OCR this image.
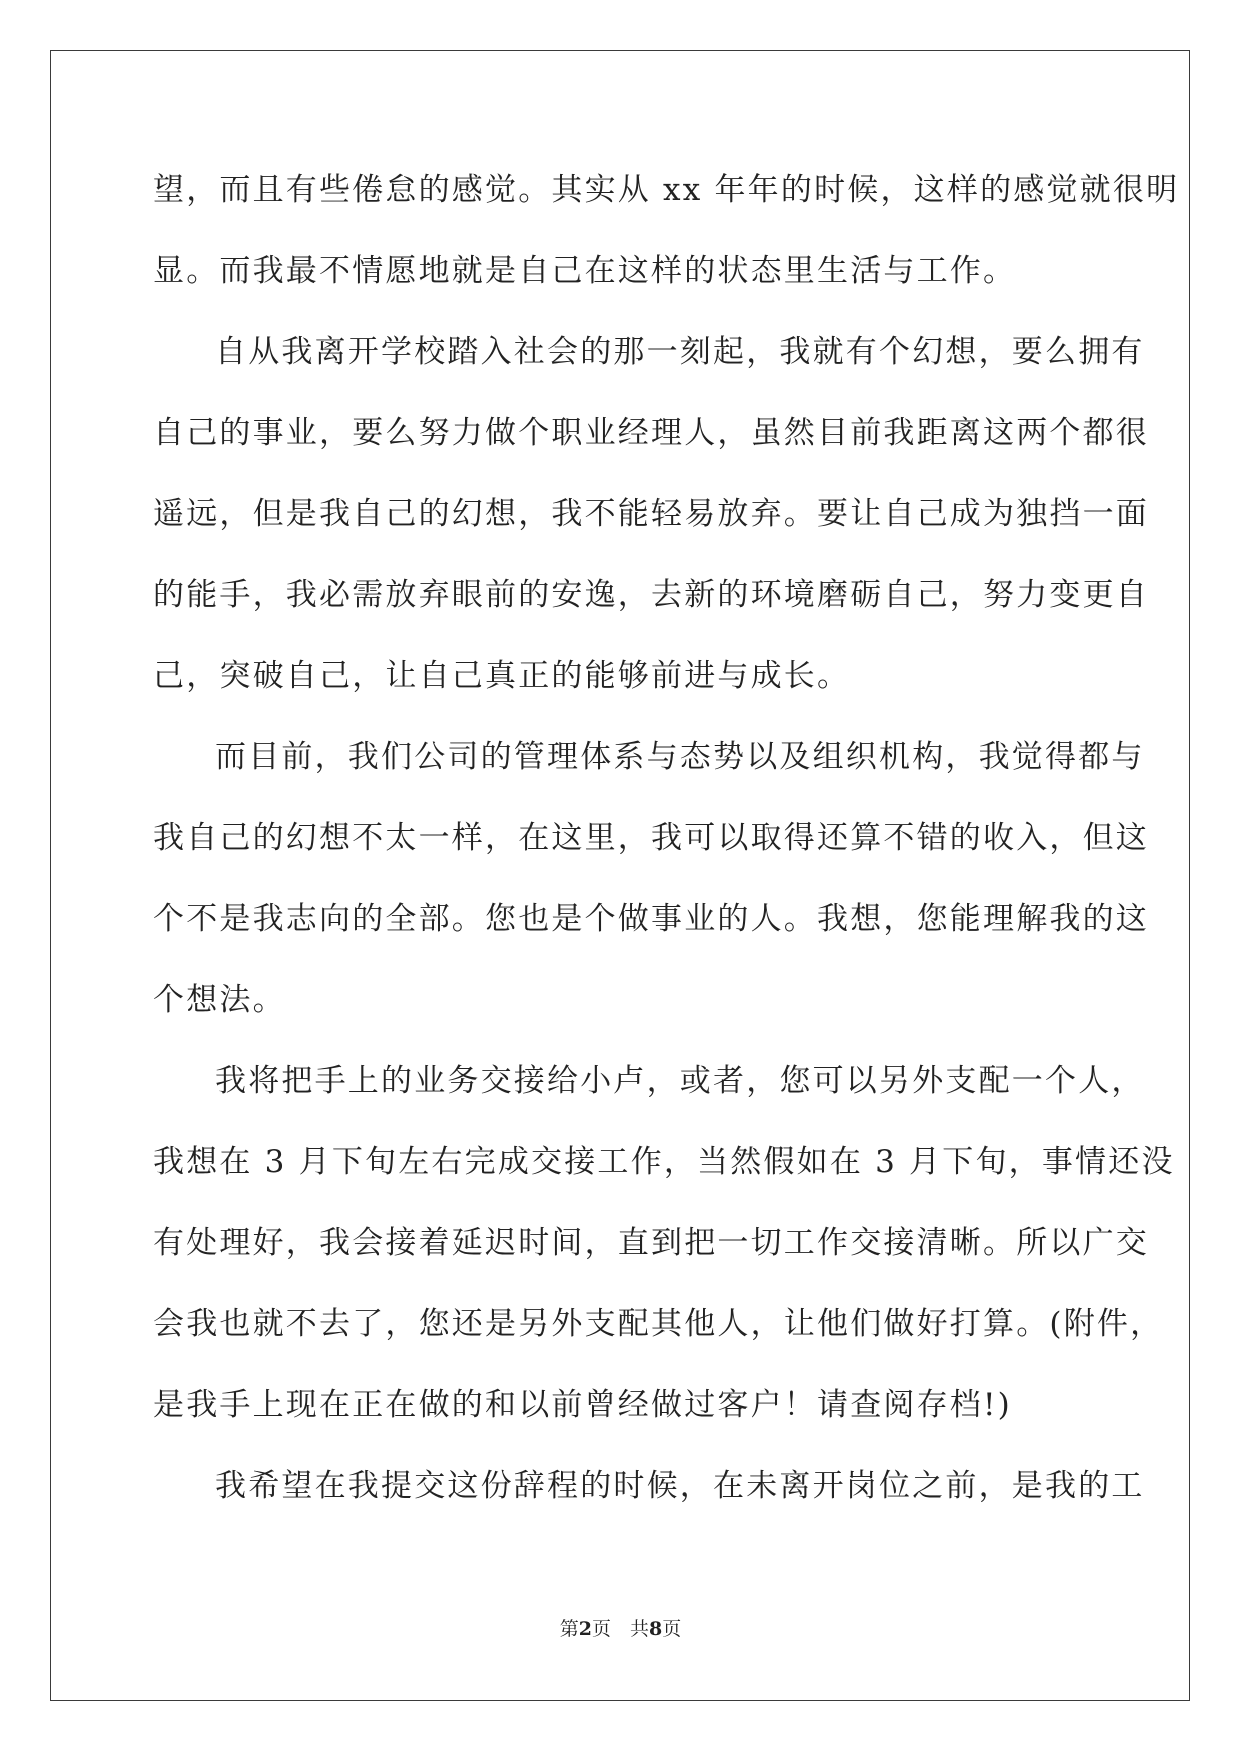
望，而且有些倦怠的感觉。其实从 xx 年年的时候，这样的感觉就很明
显。而我最不情愿地就是自己在这样的状态里生活与工作。
自从我离开学校踏入社会的那一刻起，我就有个幻想，要么拥有
自己的事业，要么努力做个职业经理人，虽然目前我距离这两个都很
遥远，但是我自己的幻想，我不能轻易放弃。要让自己成为独挡一面
的能手，我必需放弃眼前的安逸，去新的环境磨砺自己，努力变更自
己，突破自己，让自己真正的能够前进与成长。
而目前，我们公司的管理体系与态势以及组织机构，我觉得都与
我自己的幻想不太一样，在这里，我可以取得还算不错的收入，但这
个不是我志向的全部。您也是个做事业的人。我想，您能理解我的这
个想法。
我将把手上的业务交接给小卢，或者，您可以另外支配一个人，
我想在 3 月下旬左右完成交接工作，当然假如在 3 月下旬，事情还没
有处理好，我会接着延迟时间，直到把一切工作交接清晰。所以广交
会我也就不去了，您还是另外支配其他人，让他们做好打算。(附件，
是我手上现在正在做的和以前曾经做过客户！请查阅存档!)
我希望在我提交这份辞程的时候，在未离开岗位之前，是我的工
第2页　共8页
